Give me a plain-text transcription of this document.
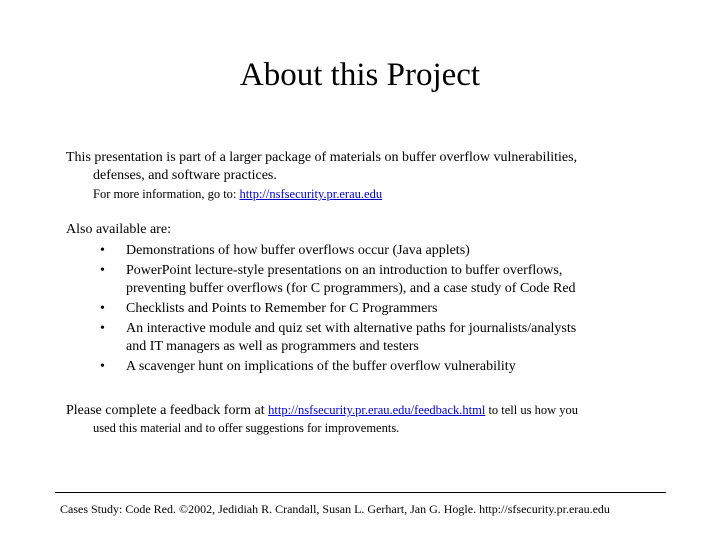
About this Project
This presentation is part of a larger package of materials on buffer overflow vulnerabilities,
defenses, and software practices.
For more information, go to: http://nsfsecurity.pr.erau.edu
Also available are:
• Demonstrations of how buffer overflows occur (Java applets)
• PowerPoint lecture-style presentations on an introduction to buffer overflows,
preventing buffer overflows (for C programmers), and a case study of Code Red
• Checklists and Points to Remember for C Programmers
• An interactive module and quiz set with alternative paths for journalists/analysts
and IT managers as well as programmers and testers
• A scavenger hunt on implications of the buffer overflow vulnerability
Please complete a feedback form at http://nsfsecurity.pr.erau.edu/feedback.html to tell us how you
used this material and to offer suggestions for improvements.
Cases Study: Code Red. ©2002, Jedidiah R. Crandall, Susan L. Gerhart, Jan G. Hogle. http://sfsecurity.pr.erau.edu
